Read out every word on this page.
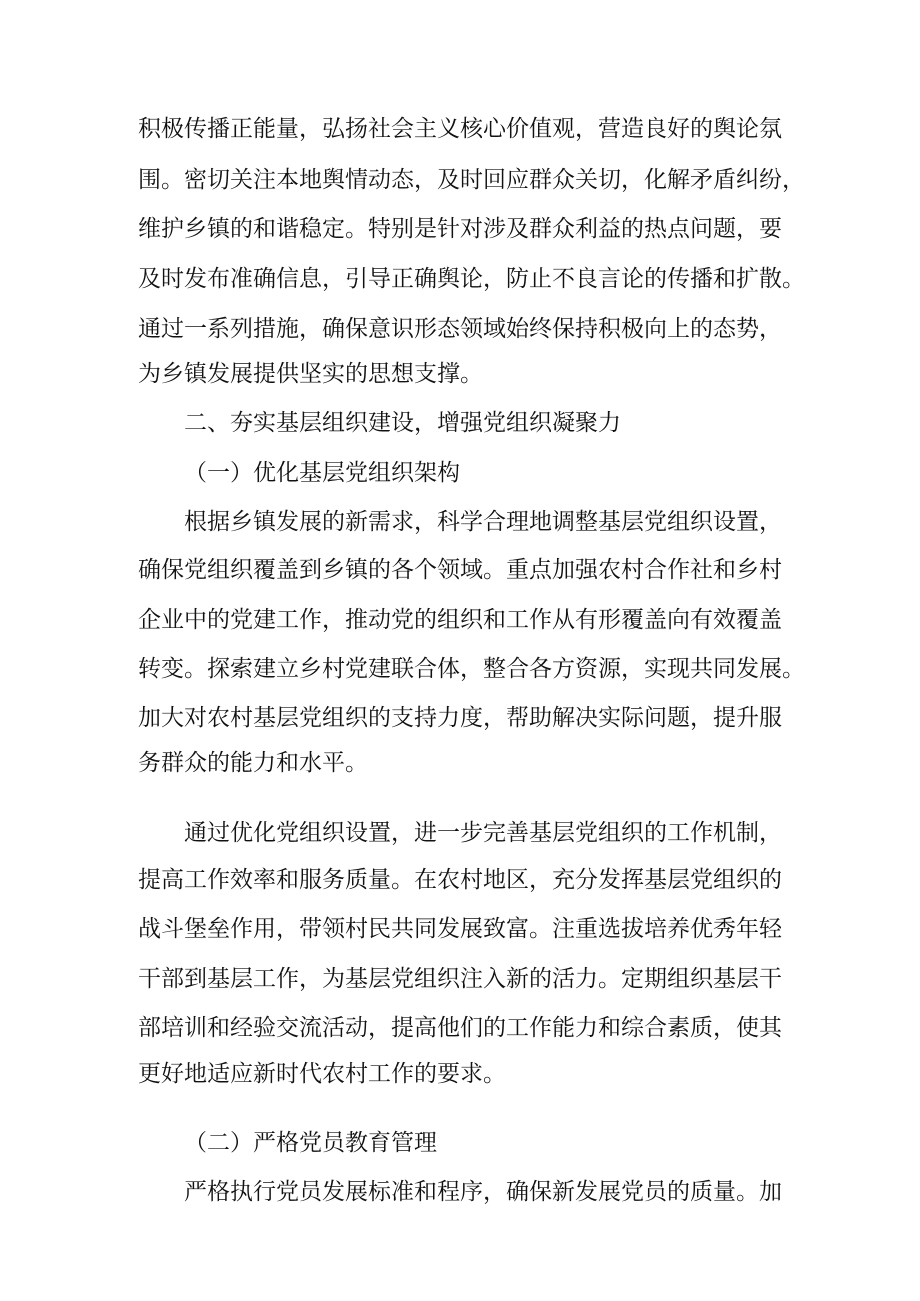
积极传播正能量，弘扬社会主义核心价值观，营造良好的舆论氛

围。密切关注本地舆情动态，及时回应群众关切，化解矛盾纠纷，

维护乡镇的和谐稳定。特别是针对涉及群众利益的热点问题，要

及时发布准确信息，引导正确舆论，防止不良言论的传播和扩散。

通过一系列措施，确保意识形态领域始终保持积极向上的态势，

为乡镇发展提供坚实的思想支撑。

二、夯实基层组织建设，增强党组织凝聚力

（一）优化基层党组织架构

根据乡镇发展的新需求，科学合理地调整基层党组织设置，

确保党组织覆盖到乡镇的各个领域。重点加强农村合作社和乡村

企业中的党建工作，推动党的组织和工作从有形覆盖向有效覆盖

转变。探索建立乡村党建联合体，整合各方资源，实现共同发展。

加大对农村基层党组织的支持力度，帮助解决实际问题，提升服

务群众的能力和水平。

通过优化党组织设置，进一步完善基层党组织的工作机制，

提高工作效率和服务质量。在农村地区，充分发挥基层党组织的

战斗堡垒作用，带领村民共同发展致富。注重选拔培养优秀年轻

干部到基层工作，为基层党组织注入新的活力。定期组织基层干

部培训和经验交流活动，提高他们的工作能力和综合素质，使其

更好地适应新时代农村工作的要求。

（二）严格党员教育管理

严格执行党员发展标准和程序，确保新发展党员的质量。加
